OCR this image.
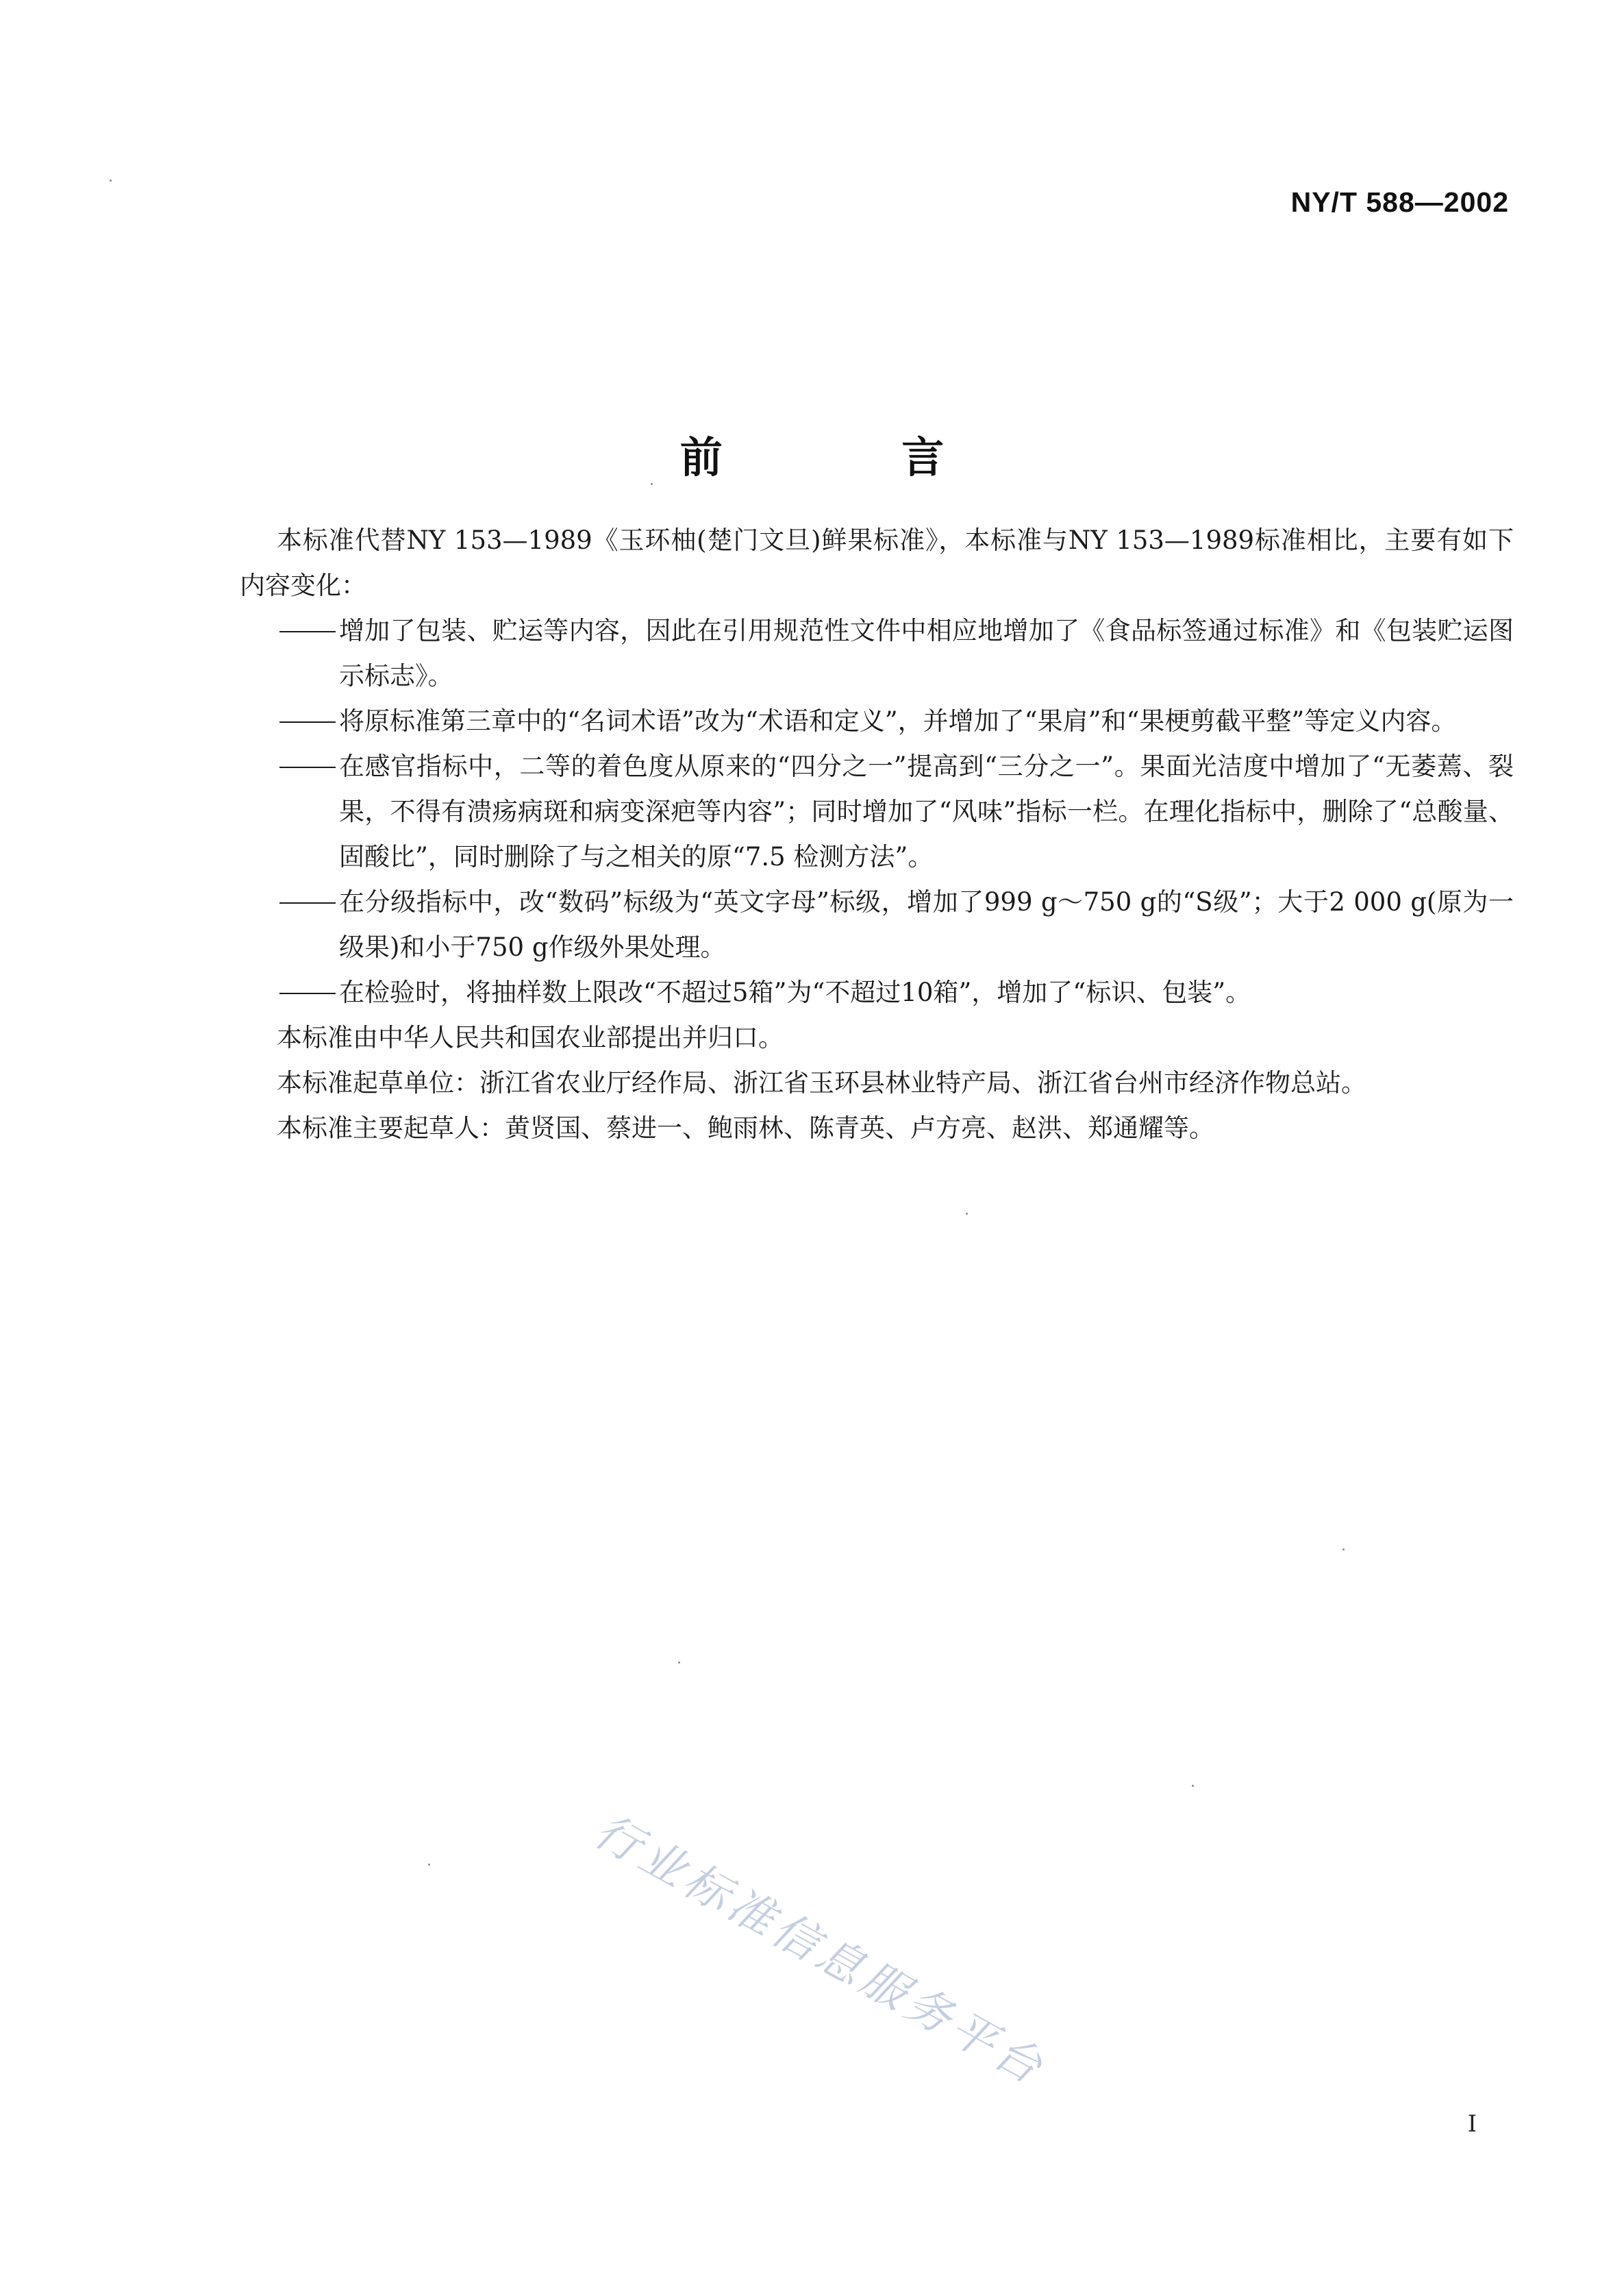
NY/T 588—2002
前 言

本标准代替NY 153—1989《玉环柚(楚门文旦)鲜果标准》，本标准与NY 153—1989标准相比，主要有如下内容变化：

增加了包装、贮运等内容，因此在引用规范性文件中相应地增加了《食品标签通过标准》和《包装贮运图示标志》。
将原标准第三章中的“名词术语”改为“术语和定义”，并增加了“果肩”和“果梗剪截平整”等定义内容。
在感官指标中，二等的着色度从原来的“四分之一”提高到“三分之一”。果面光洁度中增加了“无萎蔫、裂果，不得有溃疡病斑和病变深疤等内容”；同时增加了“风味”指标一栏。在理化指标中，删除了“总酸量、固酸比”，同时删除了与之相关的原“7.5 检测方法”。
在分级指标中，改“数码”标级为“英文字母”标级，增加了999 g～750 g的“S级”；大于2 000 g(原为一级果)和小于750 g作级外果处理。
在检验时，将抽样数上限改“不超过5箱”为“不超过10箱”，增加了“标识、包装”。

本标准由中华人民共和国农业部提出并归口。

本标准起草单位：浙江省农业厅经作局、浙江省玉环县林业特产局、浙江省台州市经济作物总站。

本标准主要起草人：黄贤国、蔡进一、鲍雨林、陈青英、卢方亮、赵洪、郑通耀等。

行业标准信息服务平台
I
